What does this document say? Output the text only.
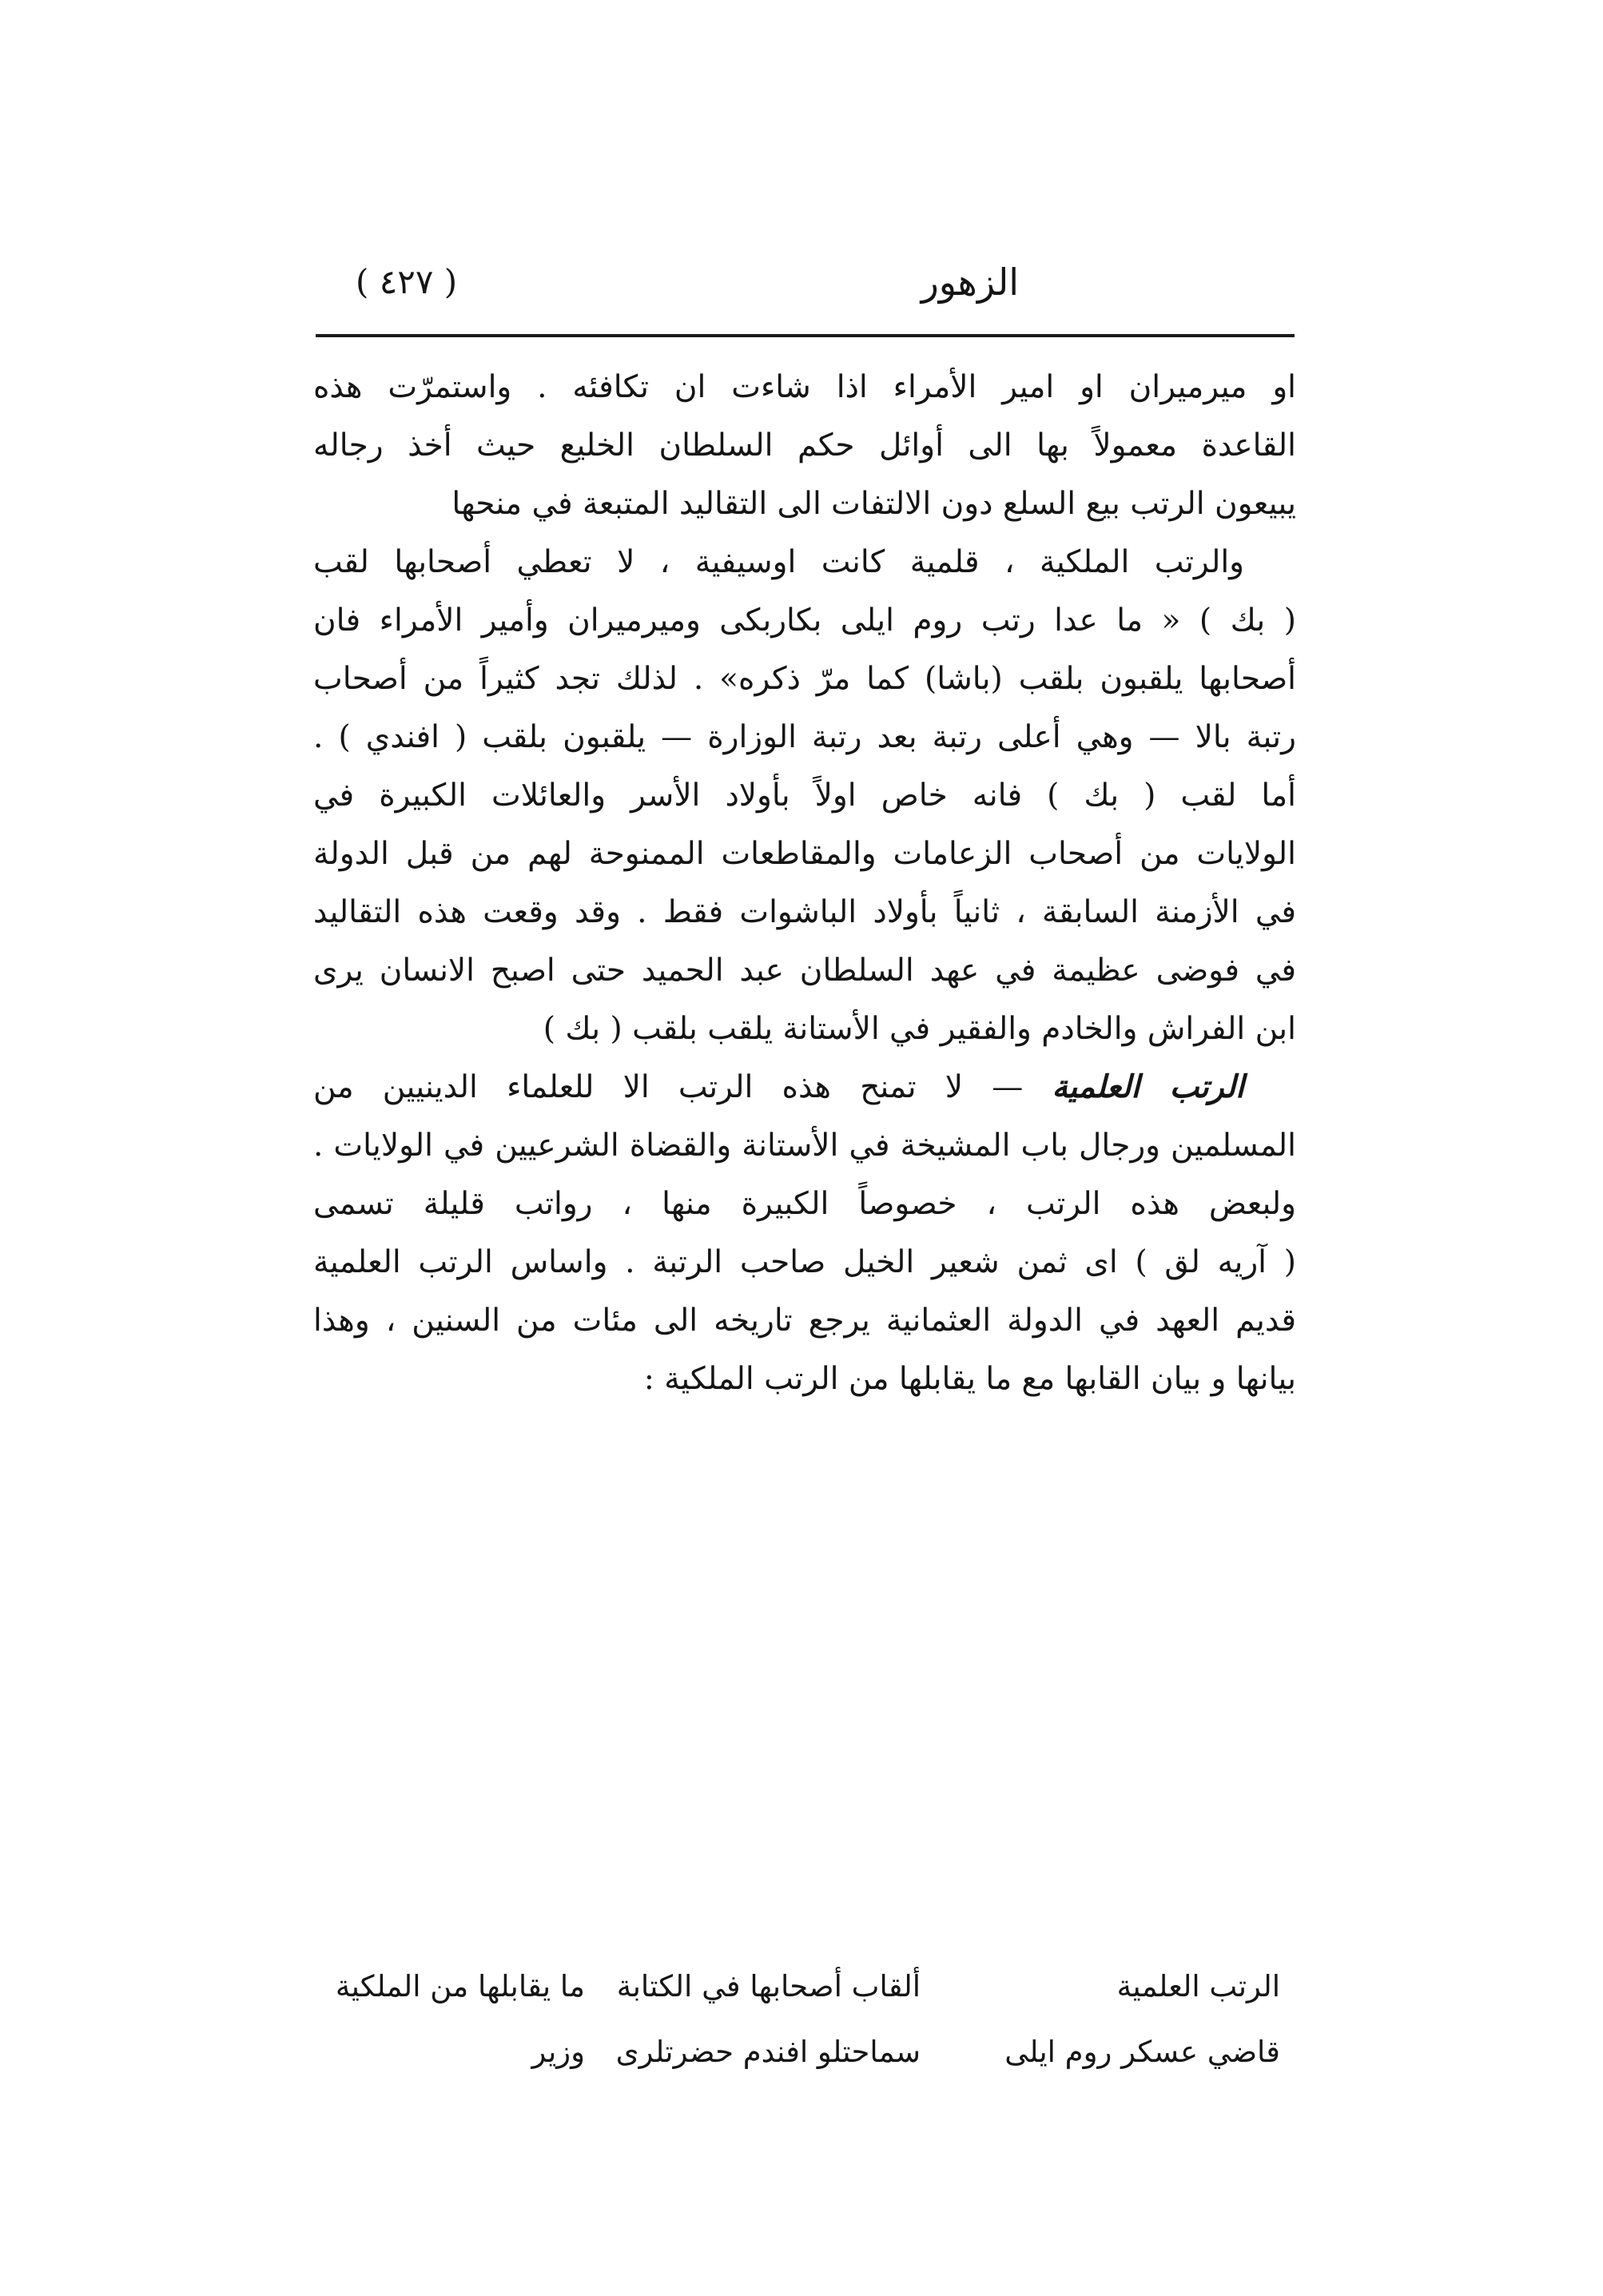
الزهور
( ٤٢٧ )
او ميرميران او امير الأمراء اذا شاءت ان تكافئه . واستمرّت هذه
القاعدة معمولاً بها الى أوائل حكم السلطان الخليع حيث أخذ رجاله
يبيعون الرتب بيع السلع دون الالتفات الى التقاليد المتبعة في منحها
والرتب الملكية ، قلمية كانت اوسيفية ، لا تعطي أصحابها لقب
( بك ) « ما عدا رتب روم ايلى بكاربكى وميرميران وأمير الأمراء فان
أصحابها يلقبون بلقب (باشا) كما مرّ ذكره» . لذلك تجد كثيراً من أصحاب
رتبة بالا — وهي أعلى رتبة بعد رتبة الوزارة — يلقبون بلقب ( افندي ) .
أما لقب ( بك ) فانه خاص اولاً بأولاد الأسر والعائلات الكبيرة في
الولايات من أصحاب الزعامات والمقاطعات الممنوحة لهم من قبل الدولة
في الأزمنة السابقة ، ثانياً بأولاد الباشوات فقط . وقد وقعت هذه التقاليد
في فوضى عظيمة في عهد السلطان عبد الحميد حتى اصبح الانسان يرى
ابن الفراش والخادم والفقير في الأستانة يلقب بلقب ( بك )
الرتب العلمية — لا تمنح هذه الرتب الا للعلماء الدينيين من
المسلمين ورجال باب المشيخة في الأستانة والقضاة الشرعيين في الولايات .
ولبعض هذه الرتب ، خصوصاً الكبيرة منها ، رواتب قليلة تسمى
( آريه لق ) اى ثمن شعير الخيل صاحب الرتبة . واساس الرتب العلمية
قديم العهد في الدولة العثمانية يرجع تاريخه الى مئات من السنين ، وهذا
بيانها و بيان القابها مع ما يقابلها من الرتب الملكية :
الرتب العلمية
ألقاب أصحابها في الكتابة
ما يقابلها من الملكية
قاضي عسكر روم ايلى
سماحتلو افندم حضرتلرى
وزير
